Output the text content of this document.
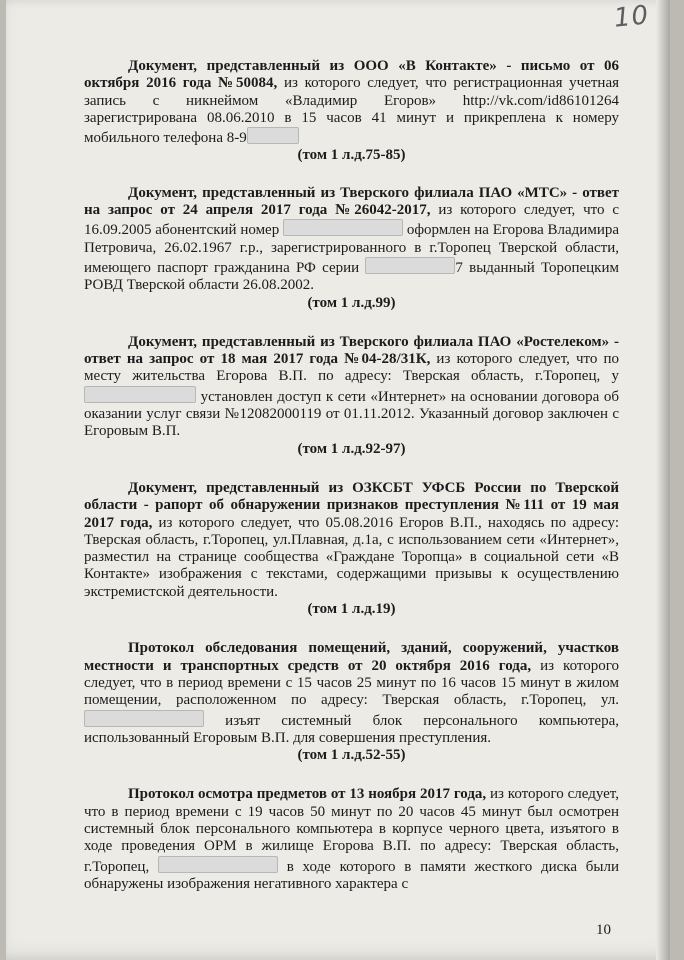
10

Документ, представленный из ООО «В Контакте» - письмо от 06 октября 2016 года №50084, из которого следует, что регистрационная учетная запись с никнеймом «Владимир Егоров» http://vk.com/id86101264 зарегистрирована 08.06.2010 в 15 часов 41 минут и прикреплена к номеру мобильного телефона 8-9

(том 1 л.д.75-85)

Документ, представленный из Тверского филиала ПАО «МТС» - ответ на запрос от 24 апреля 2017 года №26042-2017, из которого следует, что с 16.09.2005 абонентский номер	оформлен на Егорова Владимира Петровича, 26.02.1967 г.р., зарегистрированного в г.Торопец Тверской области, имеющего паспорт гражданина РФ серии	7 выданный Торопецким РОВД Тверской области 26.08.2002.

(том 1 л.д.99)

Документ, представленный из Тверского филиала ПАО «Ростелеком» - ответ на запрос от 18 мая 2017 года №04-28/31К, из которого следует, что по месту жительства Егорова В.П. по адресу: Тверская область, г.Торопец, у установлен доступ к сети «Интернет» на основании договора об оказании услуг связи №12082000119 от 01.11.2012. Указанный договор заключен с Егоровым В.П.

(том 1 л.д.92-97)

Документ, представленный из ОЗКСБТ УФСБ России по Тверской области - рапорт об обнаружении признаков преступления №111 от 19 мая 2017 года, из которого следует, что 05.08.2016 Егоров В.П., находясь по адресу: Тверская область, г.Торопец, ул.Плавная, д.1а, с использованием сети «Интернет», разместил на странице сообщества «Граждане Торопца» в социальной сети «В Контакте» изображения с текстами, содержащими призывы к осуществлению экстремистской деятельности.

(том 1 л.д.19)

Протокол обследования помещений, зданий, сооружений, участков местности и транспортных средств от 20 октября 2016 года, из которого следует, что в период времени с 15 часов 25 минут по 16 часов 15 минут в жилом помещении, расположенном по адресу: Тверская область, г.Торопец, ул. изъят системный блок персонального компьютера, использованный Егоровым В.П. для совершения преступления.

(том 1 л.д.52-55)

Протокол осмотра предметов от 13 ноября 2017 года, из которого следует, что в период времени с 19 часов 50 минут по 20 часов 45 минут был осмотрен системный блок персонального компьютера в корпусе черного цвета, изъятого в ходе проведения ОРМ в жилище Егорова В.П. по адресу: Тверская область, г.Торопец,	в ходе которого в памяти жесткого диска были обнаружены изображения негативного характера с

10
